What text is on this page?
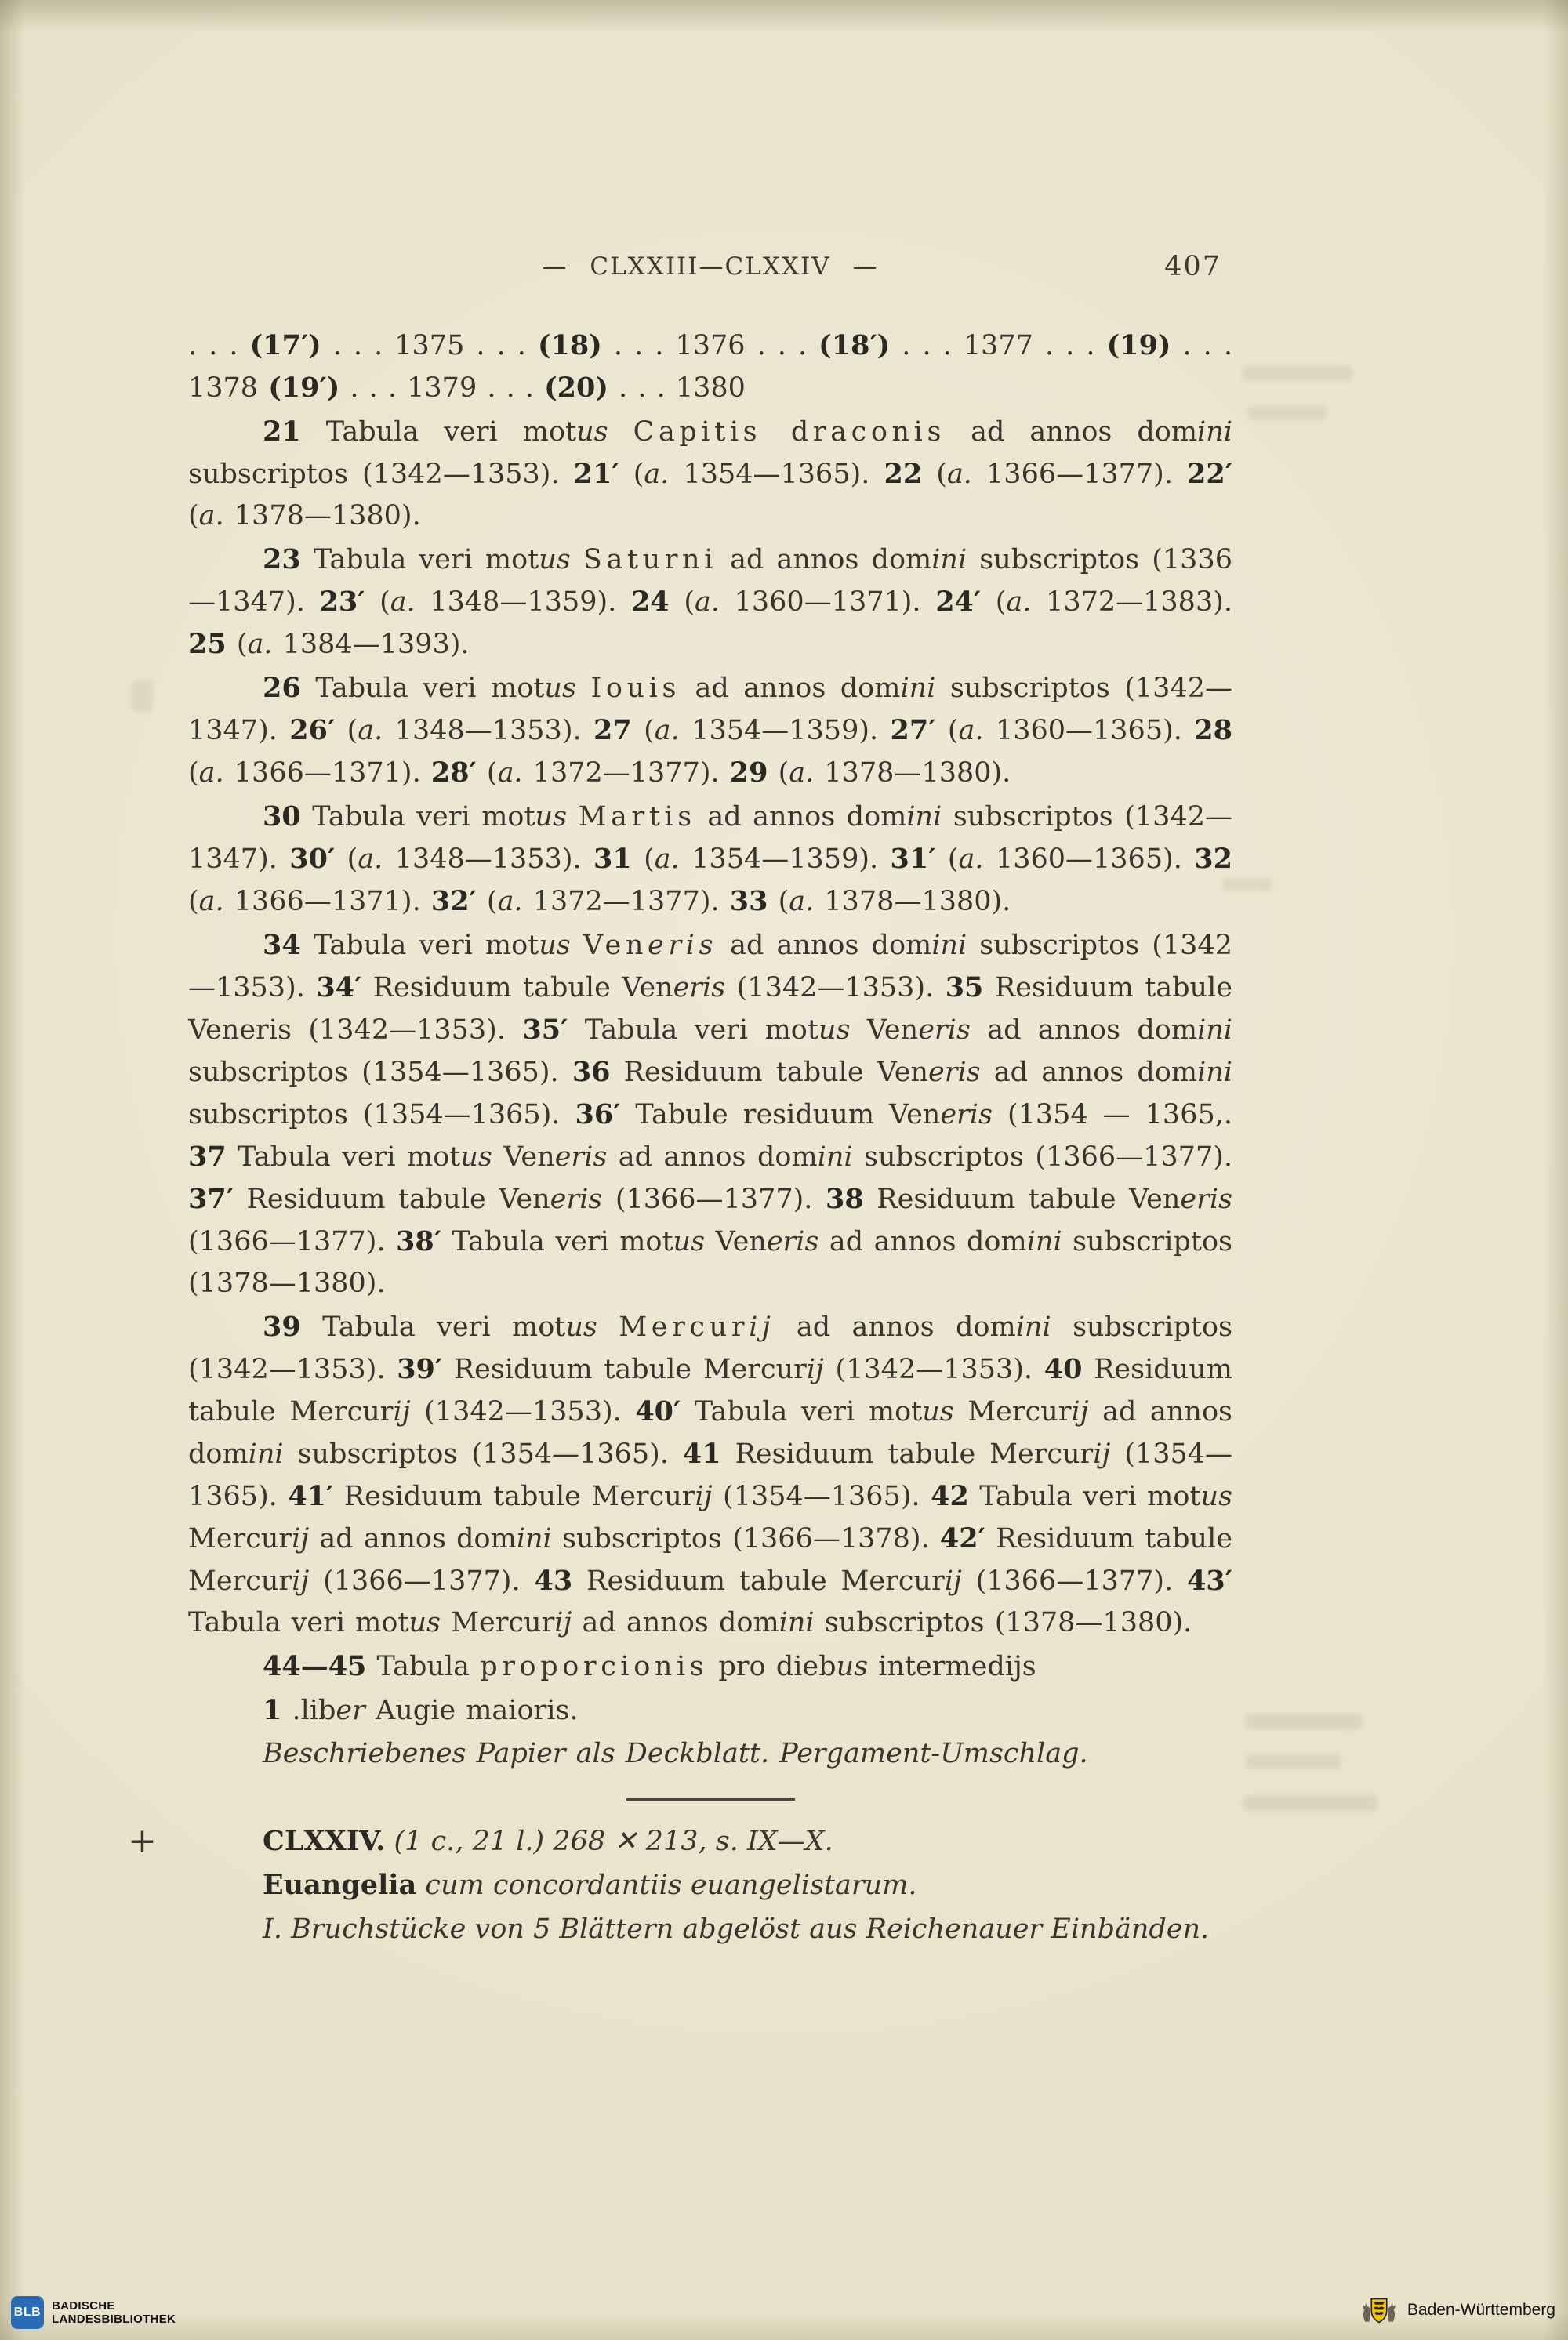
— CLXXIII—CLXXIV —	407

. . . (17′) . . . 1375 . . . (18) . . . 1376 . . . (18′) . . . 1377 . . . (19) . . . 1378 (19′) . . . 1379 . . . (20) . . . 1380

21 Tabula veri motus Capitis draconis ad annos domini subscriptos (1342—1353). 21′ (a. 1354—1365). 22 (a. 1366—1377). 22′ (a. 1378—1380).

23 Tabula veri motus Saturni ad annos domini subscriptos (1336—1347). 23′ (a. 1348—1359). 24 (a. 1360—1371). 24′ (a. 1372—1383). 25 (a. 1384—1393).

26 Tabula veri motus Iouis ad annos domini subscriptos (1342—1347). 26′ (a. 1348—1353). 27 (a. 1354—1359). 27′ (a. 1360—1365). 28 (a. 1366—1371). 28′ (a. 1372—1377). 29 (a. 1378—1380).

30 Tabula veri motus Martis ad annos domini subscriptos (1342—1347). 30′ (a. 1348—1353). 31 (a. 1354—1359). 31′ (a. 1360—1365). 32 (a. 1366—1371). 32′ (a. 1372—1377). 33 (a. 1378—1380).

34 Tabula veri motus Veneris ad annos domini subscriptos (1342—1353). 34′ Residuum tabule Veneris (1342—1353). 35 Residuum tabule Veneris (1342—1353). 35′ Tabula veri motus Veneris ad annos domini subscriptos (1354—1365). 36 Residuum tabule Veneris ad annos domini subscriptos (1354—1365). 36′ Tabule residuum Veneris (1354 — 1365,. 37 Tabula veri motus Veneris ad annos domini subscriptos (1366—1377). 37′ Residuum tabule Veneris (1366—1377). 38 Residuum tabule Veneris (1366—1377). 38′ Tabula veri motus Veneris ad annos domini subscriptos (1378—1380).

39 Tabula veri motus Mercurij ad annos domini subscriptos (1342—1353). 39′ Residuum tabule Mercurij (1342—1353). 40 Residuum tabule Mercurij (1342—1353). 40′ Tabula veri motus Mercurij ad annos domini subscriptos (1354—1365). 41 Residuum tabule Mercurij (1354—1365). 41′ Residuum tabule Mercurij (1354—1365). 42 Tabula veri motus Mercurij ad annos domini subscriptos (1366—1378). 42′ Residuum tabule Mercurij (1366—1377). 43 Residuum tabule Mercurij (1366—1377). 43′ Tabula veri motus Mercurij ad annos domini subscriptos (1378—1380).

44—45 Tabula proporcionis pro diebus intermedijs

1 .liber Augie maioris.

Beschriebenes Papier als Deckblatt. Pergament-Umschlag.

+	CLXXIV. (1 c., 21 l.) 268 ✕ 213, s. IX—X.

Euangelia cum concordantiis euangelistarum.

I. Bruchstücke von 5 Blättern abgelöst aus Reichenauer Einbänden.

BLB BADISCHE
LANDESBIBLIOTHEK
Baden-Württemberg
